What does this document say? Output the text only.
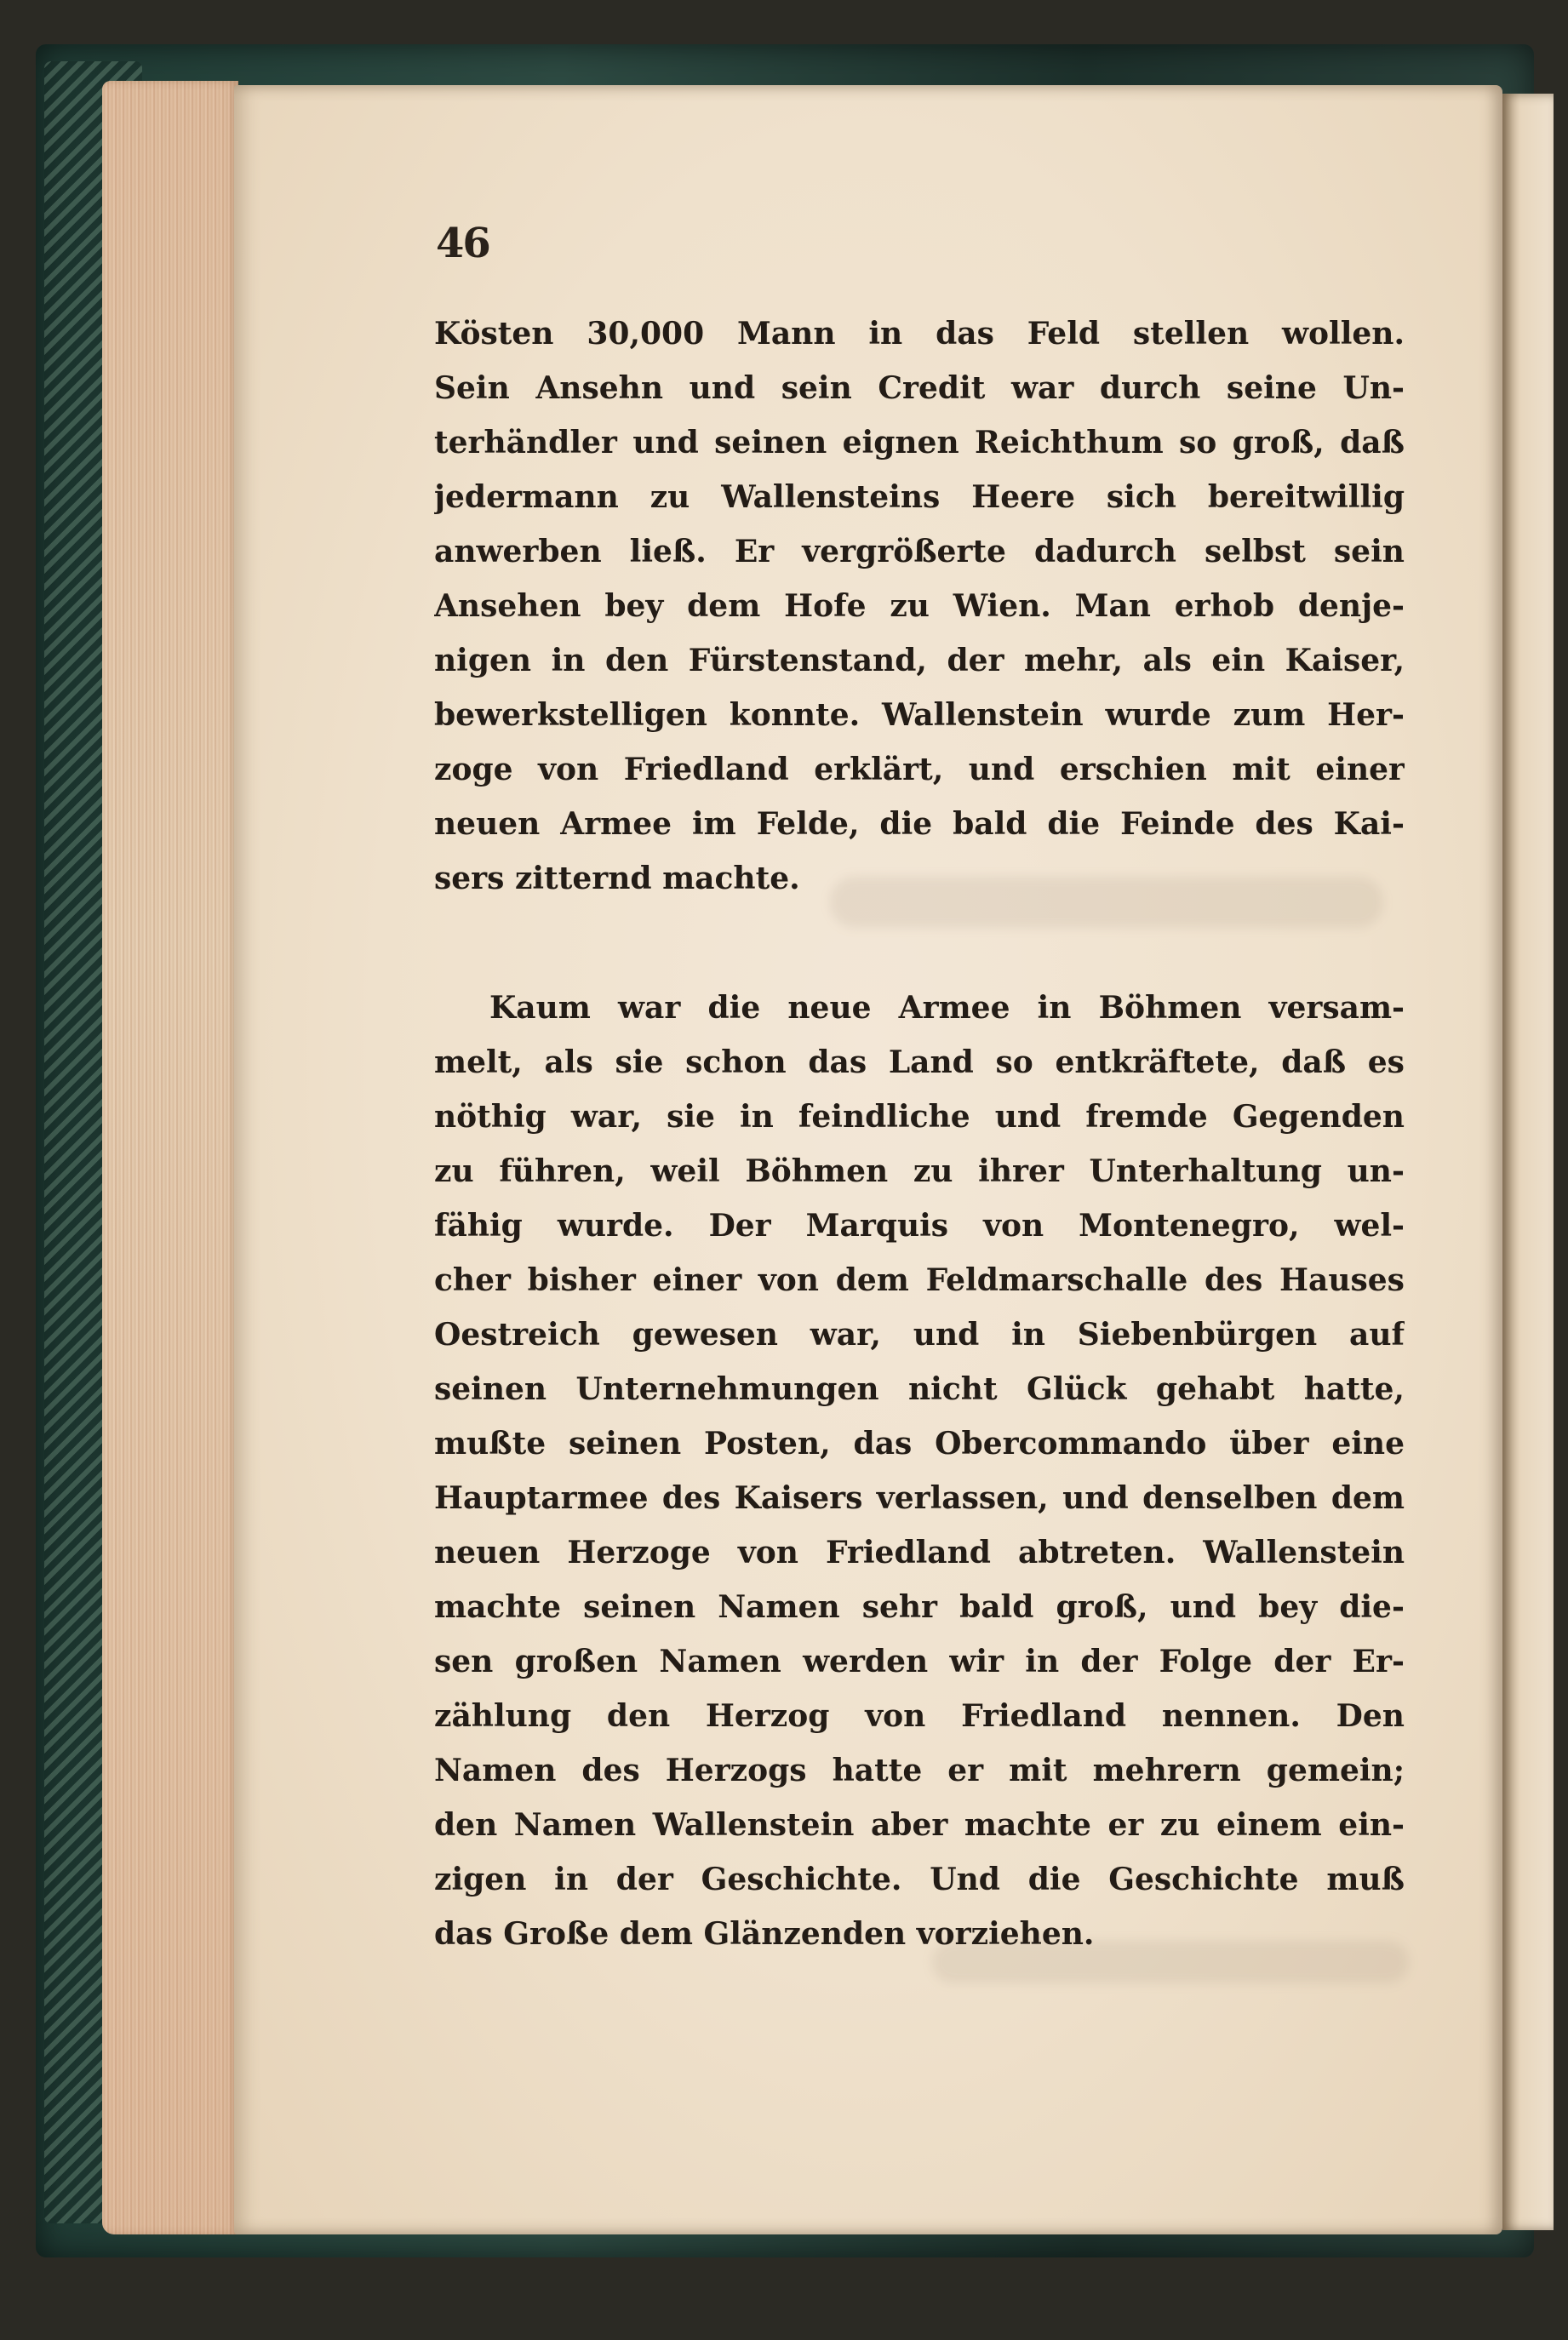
46
Kösten 30,000 Mann in das Feld stellen wollen.
Sein Ansehn und sein Credit war durch seine Un-
terhändler und seinen eignen Reichthum so groß, daß
jedermann zu Wallensteins Heere sich bereitwillig
anwerben ließ. Er vergrößerte dadurch selbst sein
Ansehen bey dem Hofe zu Wien. Man erhob denje-
nigen in den Fürstenstand, der mehr, als ein Kaiser,
bewerkstelligen konnte. Wallenstein wurde zum Her-
zoge von Friedland erklärt, und erschien mit einer
neuen Armee im Felde, die bald die Feinde des Kai-
sers zitternd machte.
Kaum war die neue Armee in Böhmen versam-
melt, als sie schon das Land so entkräftete, daß es
nöthig war, sie in feindliche und fremde Gegenden
zu führen, weil Böhmen zu ihrer Unterhaltung un-
fähig wurde. Der Marquis von Montenegro, wel-
cher bisher einer von dem Feldmarschalle des Hauses
Oestreich gewesen war, und in Siebenbürgen auf
seinen Unternehmungen nicht Glück gehabt hatte,
mußte seinen Posten, das Obercommando über eine
Hauptarmee des Kaisers verlassen, und denselben dem
neuen Herzoge von Friedland abtreten. Wallenstein
machte seinen Namen sehr bald groß, und bey die-
sen großen Namen werden wir in der Folge der Er-
zählung den Herzog von Friedland nennen. Den
Namen des Herzogs hatte er mit mehrern gemein;
den Namen Wallenstein aber machte er zu einem ein-
zigen in der Geschichte. Und die Geschichte muß
das Große dem Glänzenden vorziehen.
